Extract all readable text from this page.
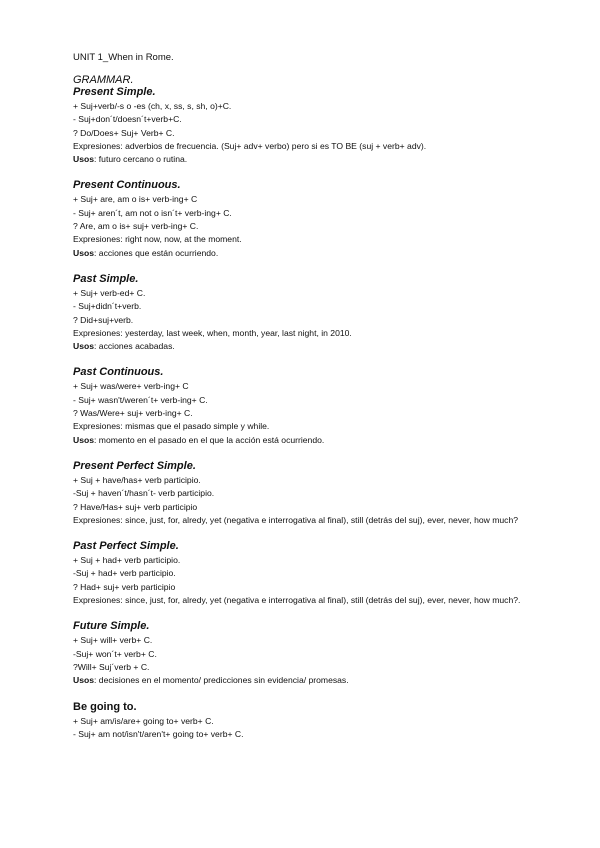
UNIT 1_When in Rome.

GRAMMAR.
Present Simple.

+ Suj+verb/-s o -es (ch, x, ss, s, sh, o)+C.

- Suj+don´t/doesn´t+verb+C.

? Do/Does+ Suj+ Verb+ C.

Expresiones: adverbios de frecuencia. (Suj+ adv+ verbo) pero si es TO BE (suj + verb+ adv).

Usos: futuro cercano o rutina.

Present Continuous.

+ Suj+ are, am o is+ verb-ing+ C

- Suj+ aren´t, am not o isn´t+ verb-ing+ C.

? Are, am o is+ suj+ verb-ing+ C.

Expresiones: right now, now, at the moment.

Usos: acciones que están ocurriendo.

Past Simple.

+ Suj+ verb-ed+ C.

- Suj+didn´t+verb.

? Did+suj+verb.

Expresiones: yesterday, last week, when, month, year, last night, in 2010.

Usos: acciones acabadas.

Past Continuous.

+ Suj+ was/were+ verb-ing+ C

- Suj+ wasn't/weren´t+ verb-ing+ C.

? Was/Were+ suj+ verb-ing+ C.

Expresiones: mismas que el pasado simple y while.

Usos: momento en el pasado en el que la acción está ocurriendo.

Present Perfect Simple.

+ Suj + have/has+ verb participio.

-Suj + haven´t/hasn´t- verb participio.

? Have/Has+ suj+ verb participio

Expresiones: since, just, for, alredy, yet (negativa e interrogativa al final), still (detrás del suj), ever, never, how much?

Past Perfect Simple.

+ Suj + had+ verb participio.

-Suj + had+ verb participio.

? Had+ suj+ verb participio

Expresiones: since, just, for, alredy, yet (negativa e interrogativa al final), still (detrás del suj), ever, never, how much?.

Future Simple.

+ Suj+ will+ verb+ C.

-Suj+ won´t+ verb+ C.

?Will+ Suj´verb + C.

Usos: decisiones en el momento/ predicciones sin evidencia/ promesas.

Be going to.

+ Suj+ am/is/are+ going to+ verb+ C.

- Suj+ am not/isn't/aren't+ going to+ verb+ C.
